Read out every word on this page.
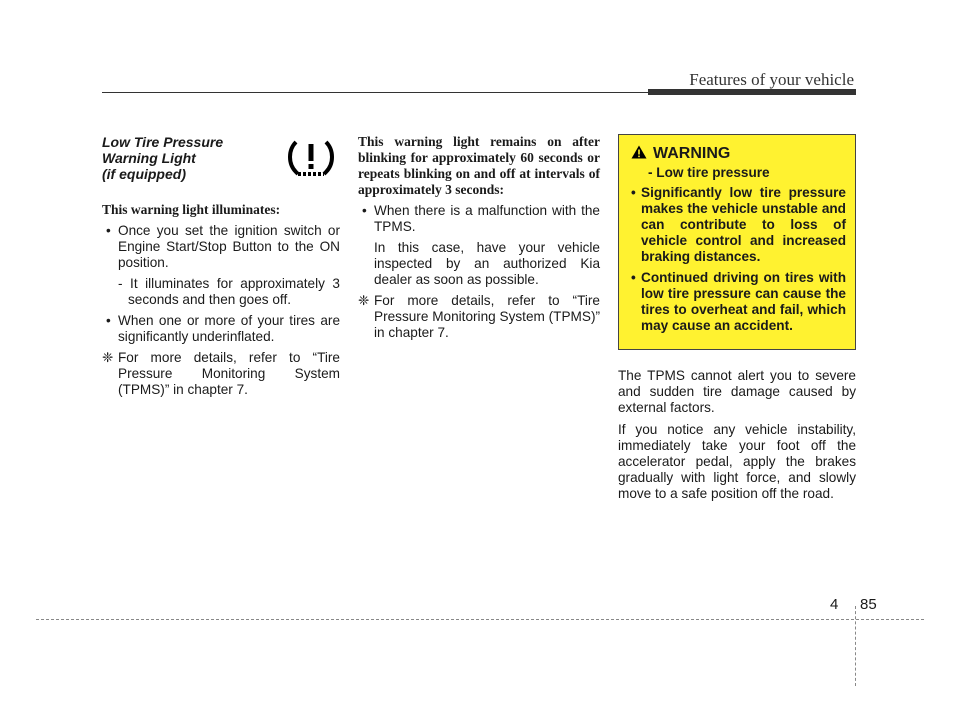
Features of your vehicle
Low Tire Pressure
Warning Light
(if equipped)
This warning light illuminates:

• Once you set the ignition switch or Engine Start/Stop Button to the ON position.

- It illuminates for approximately 3 seconds and then goes off.

• When one or more of your tires are significantly underinflated.

❈ For more details, refer to “Tire Pressure Monitoring System (TPMS)” in chapter 7.

This warning light remains on after blinking for approximately 60 seconds or repeats blinking on and off at intervals of approximately 3 seconds:

• When there is a malfunction with the TPMS.

In this case, have your vehicle inspected by an authorized Kia dealer as soon as possible.

❈ For more details, refer to “Tire Pressure Monitoring System (TPMS)” in chapter 7.

WARNING
- Low tire pressure

• Significantly low tire pressure makes the vehicle unstable and can contribute to loss of vehicle control and increased braking distances.

• Continued driving on tires with low tire pressure can cause the tires to overheat and fail, which may cause an accident.

The TPMS cannot alert you to severe and sudden tire damage caused by external factors.

If you notice any vehicle instability, immediately take your foot off the accelerator pedal, apply the brakes gradually with light force, and slowly move to a safe position off the road.

4 85
